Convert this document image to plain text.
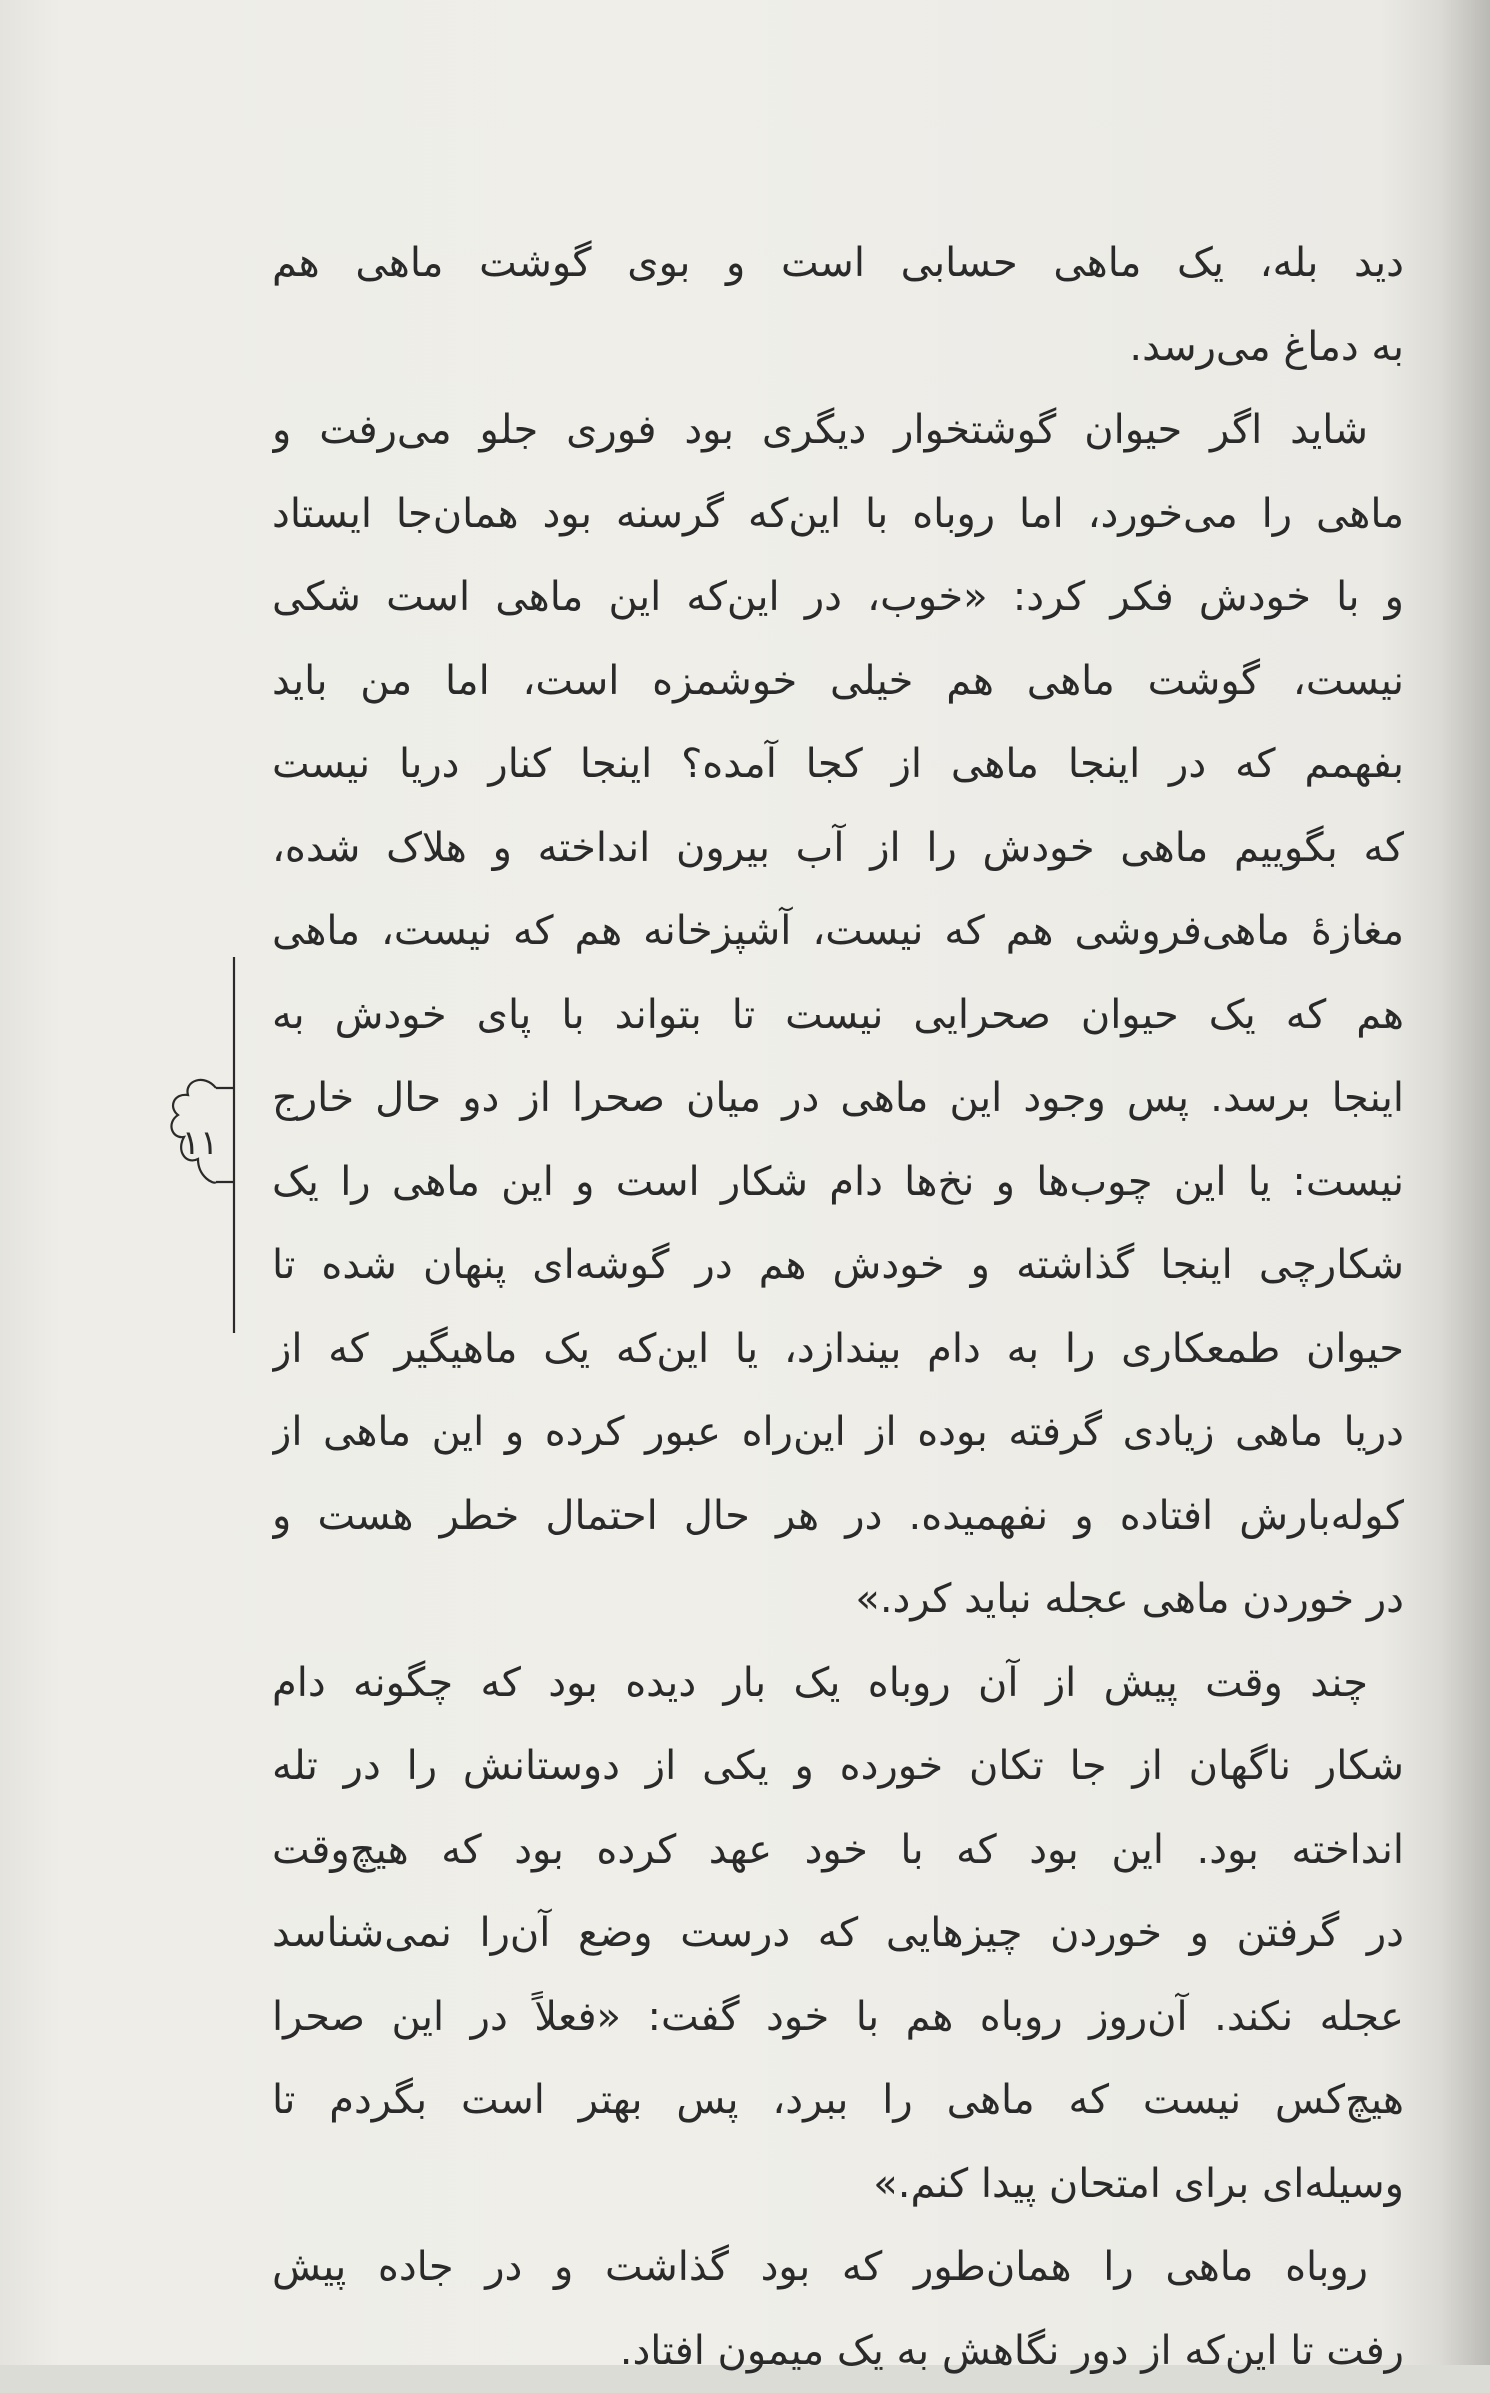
دید بله، یک ماهی حسابی است و بوی گوشت ماهی هم
به دماغ می‌رسد.
شاید اگر حیوان گوشتخوار دیگری بود فوری جلو می‌رفت و
ماهی را می‌خورد، اما روباه با این‌که گرسنه بود همان‌جا ایستاد
و با خودش فکر کرد: «خوب، در این‌که این ماهی است شکی
نیست، گوشت ماهی هم خیلی خوشمزه است، اما من باید
بفهمم که در اینجا ماهی از کجا آمده؟ اینجا کنار دریا نیست
که بگوییم ماهی خودش را از آب بیرون انداخته و هلاک شده،
مغازۀ ماهی‌فروشی هم که نیست، آشپزخانه هم که نیست، ماهی
هم که یک حیوان صحرایی نیست تا بتواند با پای خودش به
اینجا برسد. پس وجود این ماهی در میان صحرا از دو حال خارج
نیست: یا این چوب‌ها و نخ‌ها دام شکار است و این ماهی را یک
شکارچی اینجا گذاشته و خودش هم در گوشه‌ای پنهان شده تا
حیوان طمعکاری را به دام بیندازد، یا این‌که یک ماهیگیر که از
دریا ماهی زیادی گرفته بوده از این‌راه عبور کرده و این ماهی از
کوله‌بارش افتاده و نفهمیده. در هر حال احتمال خطر هست و
در خوردن ماهی عجله نباید کرد.»
چند وقت پیش از آن روباه یک بار دیده بود که چگونه دام
شکار ناگهان از جا تکان خورده و یکی از دوستانش را در تله
انداخته بود. این بود که با خود عهد کرده بود که هیچ‌وقت
در گرفتن و خوردن چیزهایی که درست وضع آن‌را نمی‌شناسد
عجله نکند. آن‌روز روباه هم با خود گفت: «فعلاً در این صحرا
هیچ‌کس نیست که ماهی را ببرد، پس بهتر است بگردم تا
وسیله‌ای برای امتحان پیدا کنم.»
روباه ماهی را همان‌طور که بود گذاشت و در جاده پیش
رفت تا این‌که از دور نگاهش به یک میمون افتاد.
١١
